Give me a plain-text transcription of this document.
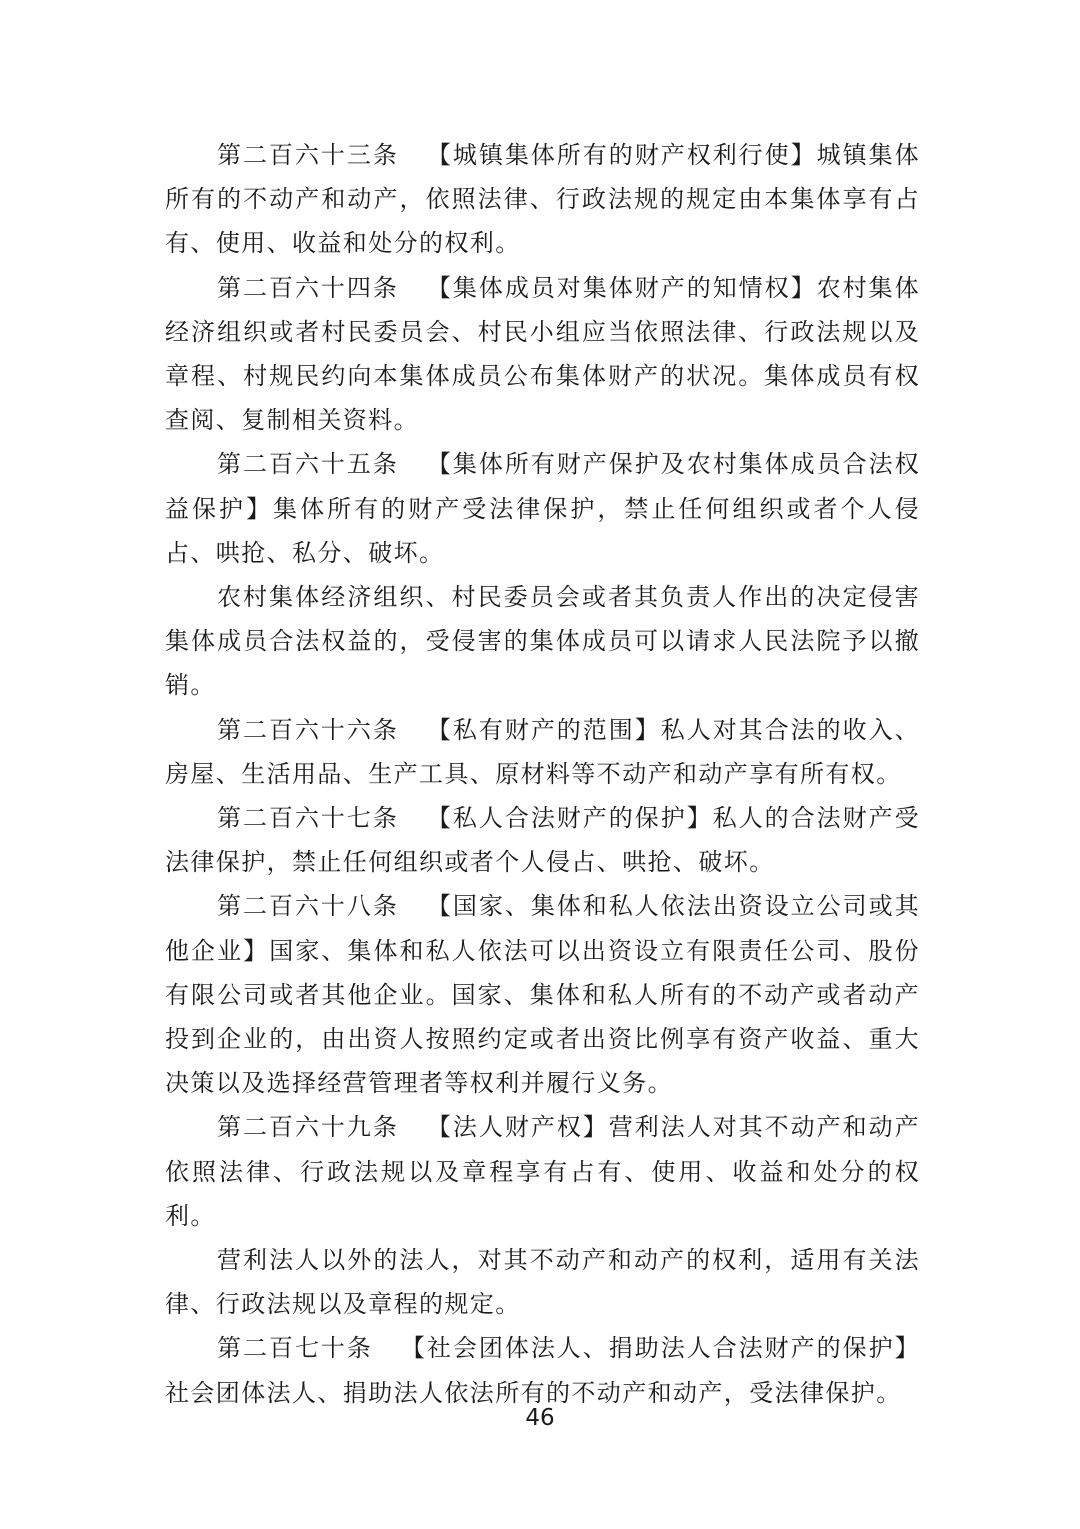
第二百六十三条 【城镇集体所有的财产权利行使】城镇集体所有的不动产和动产，依照法律、行政法规的规定由本集体享有占有、使用、收益和处分的权利。

第二百六十四条 【集体成员对集体财产的知情权】农村集体经济组织或者村民委员会、村民小组应当依照法律、行政法规以及章程、村规民约向本集体成员公布集体财产的状况。集体成员有权查阅、复制相关资料。

第二百六十五条 【集体所有财产保护及农村集体成员合法权益保护】集体所有的财产受法律保护，禁止任何组织或者个人侵占、哄抢、私分、破坏。

农村集体经济组织、村民委员会或者其负责人作出的决定侵害集体成员合法权益的，受侵害的集体成员可以请求人民法院予以撤销。

第二百六十六条 【私有财产的范围】私人对其合法的收入、房屋、生活用品、生产工具、原材料等不动产和动产享有所有权。

第二百六十七条 【私人合法财产的保护】私人的合法财产受法律保护，禁止任何组织或者个人侵占、哄抢、破坏。

第二百六十八条 【国家、集体和私人依法出资设立公司或其他企业】国家、集体和私人依法可以出资设立有限责任公司、股份有限公司或者其他企业。国家、集体和私人所有的不动产或者动产投到企业的，由出资人按照约定或者出资比例享有资产收益、重大决策以及选择经营管理者等权利并履行义务。

第二百六十九条 【法人财产权】营利法人对其不动产和动产依照法律、行政法规以及章程享有占有、使用、收益和处分的权利。

营利法人以外的法人，对其不动产和动产的权利，适用有关法律、行政法规以及章程的规定。

第二百七十条 【社会团体法人、捐助法人合法财产的保护】社会团体法人、捐助法人依法所有的不动产和动产，受法律保护。

46
